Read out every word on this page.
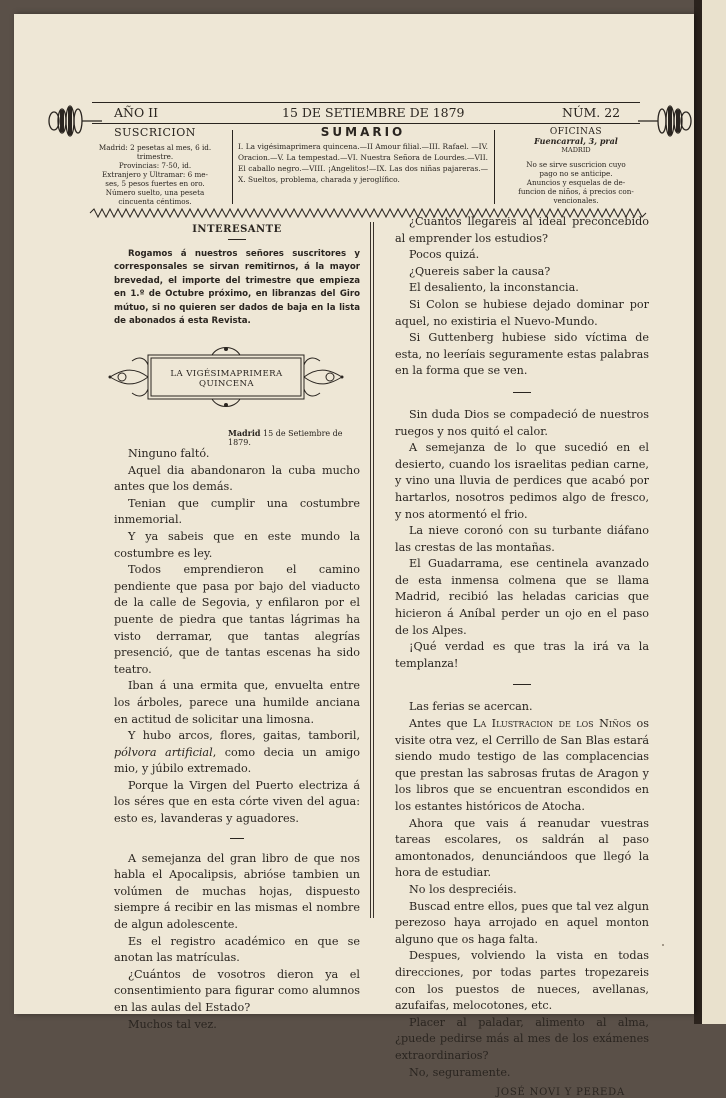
AÑO II	15 DE SETIEMBRE DE 1879	NÚM. 22
SUSCRICION
Madrid: 2 pesetas al mes, 6 id.
trimestre.
Provincias: 7·50, id.
Extranjero y Ultramar: 6 me-
ses, 5 pesos fuertes en oro.
Número suelto, una peseta
cincuenta céntimos.
SUMARIO
I. La vigésimaprimera quincena.—II Amour filial.—III. Rafael. —IV. Oracion.—V. La tempestad.—VI. Nuestra Señora de Lourdes.—VII. El caballo negro.—VIII. ¡Angelitos!—IX. Las dos niñas pajareras.—X. Sueltos, problema, charada y jeroglífico.
OFICINAS
Fuencarral, 3, pral
MADRID
No se sirve suscricion cuyo
pago no se anticipe.
Anuncios y esquelas de de-
funcion de niños, á precios con-
vencionales.
INTERESANTE

Rogamos á nuestros señores suscritores y corresponsales se sirvan remitirnos, á la mayor brevedad, el importe del trimestre que empieza en 1.º de Octubre próximo, en libranzas del Giro mútuo, si no quieren ser dados de baja en la lista de abonados á esta Revista.

LA VIGÉSIMAPRIMERA QUINCENA
Madrid 15 de Setiembre de 1879.

Ninguno faltó.

Aquel dia abandonaron la cuba mucho antes que los demás.

Tenian que cumplir una costumbre inmemorial.

Y ya sabeis que en este mundo la costumbre es ley.

Todos emprendieron el camino pendiente que pasa por bajo del viaducto de la calle de Segovia, y enfilaron por el puente de piedra que tantas lágrimas ha visto derramar, que tantas alegrías presenció, que de tantas escenas ha sido teatro.

Iban á una ermita que, envuelta entre los árboles, parece una humilde anciana en actitud de solicitar una limosna.

Y hubo arcos, flores, gaitas, tamboril, pólvora artificial, como decia un amigo mio, y júbilo extremado.

Porque la Virgen del Puerto electriza á los séres que en esta córte viven del agua: esto es, lavanderas y aguadores.

A semejanza del gran libro de que nos habla el Apocalipsis, abrióse tambien un volúmen de muchas hojas, dispuesto siempre á recibir en las mismas el nombre de algun adolescente.

Es el registro académico en que se anotan las matrículas.

¿Cuántos de vosotros dieron ya el consentimiento para figurar como alumnos en las aulas del Estado?

Muchos tal vez.

¿Cuántos llegareis al ideal preconcebido al emprender los estudios?

Pocos quizá.

¿Quereis saber la causa?

El desaliento, la inconstancia.

Si Colon se hubiese dejado dominar por aquel, no existiria el Nuevo-Mundo.

Si Guttenberg hubiese sido víctima de esta, no leeríais seguramente estas palabras en la forma que se ven.

Sin duda Dios se compadeció de nuestros ruegos y nos quitó el calor.

A semejanza de lo que sucedió en el desierto, cuando los israelitas pedian carne, y vino una lluvia de perdices que acabó por hartarlos, nosotros pedimos algo de fresco, y nos atormentó el frio.

La nieve coronó con su turbante diáfano las crestas de las montañas.

El Guadarrama, ese centinela avanzado de esta inmensa colmena que se llama Madrid, recibió las heladas caricias que hicieron á Aníbal perder un ojo en el paso de los Alpes.

¡Qué verdad es que tras la irá va la templanza!

Las ferias se acercan.

Antes que La Ilustracion de los Niños os visite otra vez, el Cerrillo de San Blas estará siendo mudo testigo de las complacencias que prestan las sabrosas frutas de Aragon y los libros que se encuentran escondidos en los estantes históricos de Atocha.

Ahora que vais á reanudar vuestras tareas escolares, os saldrán al paso amontonados, denunciándoos que llegó la hora de estudiar.

No los despreciéis.

Buscad entre ellos, pues que tal vez algun perezoso haya arrojado en aquel monton alguno que os haga falta.

Despues, volviendo la vista en todas direcciones, por todas partes tropezareis con los puestos de nueces, avellanas, azufaifas, melocotones, etc.

Placer al paladar, alimento al alma, ¿puede pedirse más al mes de los exámenes extraordinarios?

No, seguramente.

JOSÉ NOVI Y PEREDA
